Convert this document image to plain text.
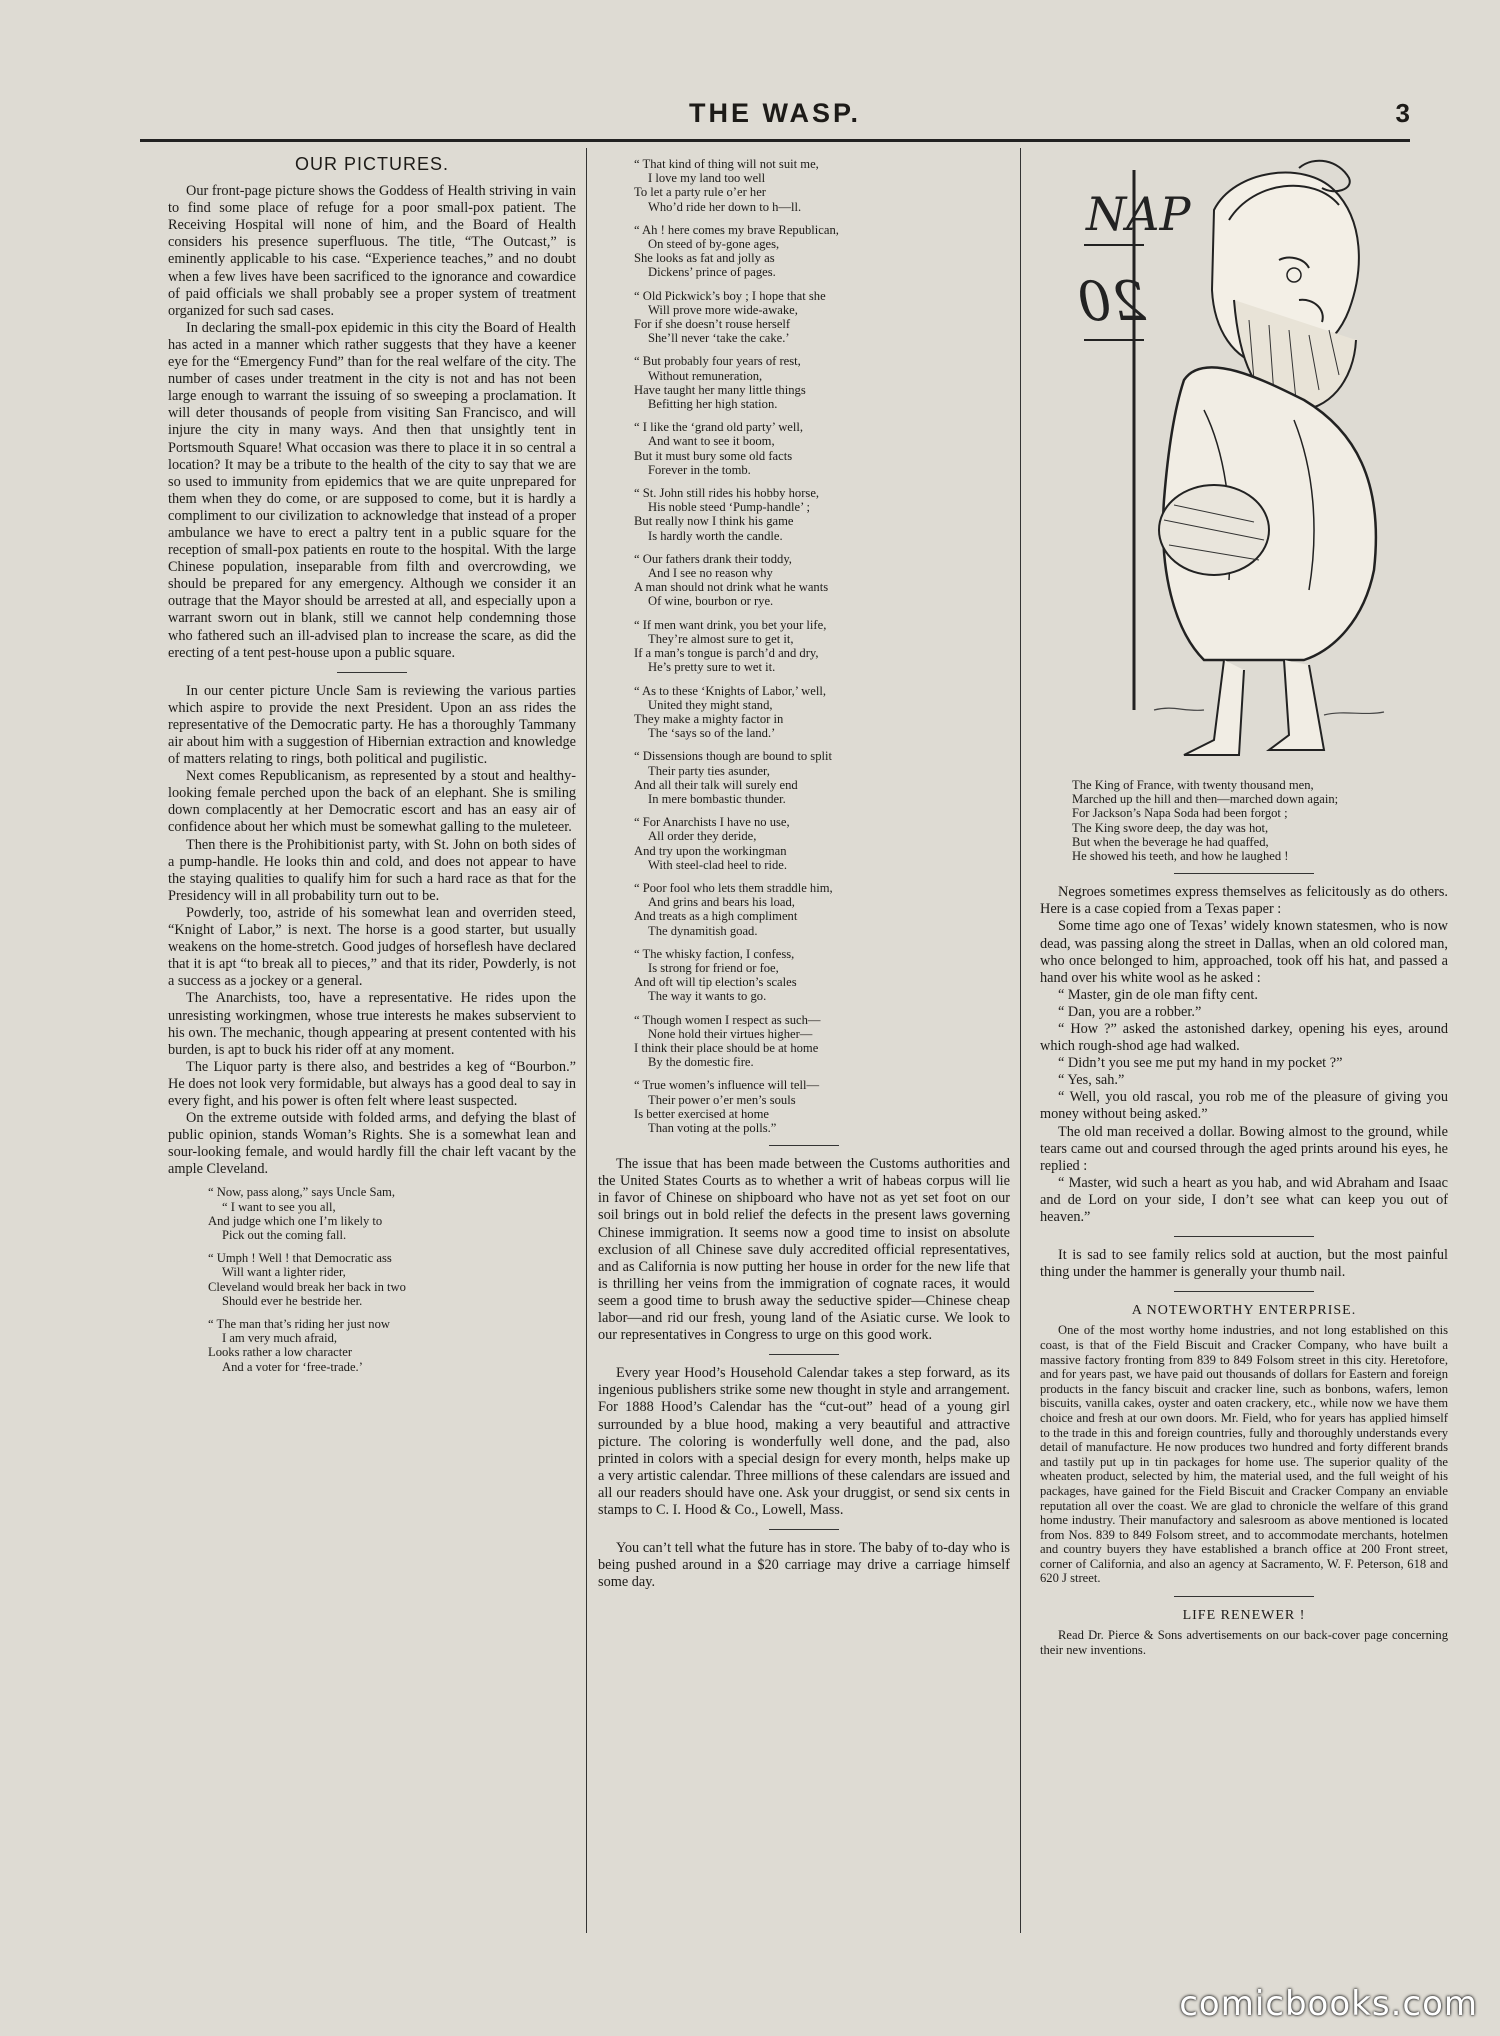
THE WASP.	3
OUR PICTURES.

Our front-page picture shows the Goddess of Health striving in vain to find some place of refuge for a poor small-pox patient. The Receiving Hospital will none of him, and the Board of Health considers his presence superfluous. The title, “The Outcast,” is eminently applicable to his case. “Experience teaches,” and no doubt when a few lives have been sacrificed to the ignorance and cowardice of paid officials we shall probably see a proper system of treatment organized for such sad cases.

In declaring the small-pox epidemic in this city the Board of Health has acted in a manner which rather suggests that they have a keener eye for the “Emergency Fund” than for the real welfare of the city. The number of cases under treatment in the city is not and has not been large enough to warrant the issuing of so sweeping a proclamation. It will deter thousands of people from visiting San Francisco, and will injure the city in many ways. And then that unsightly tent in Portsmouth Square! What occasion was there to place it in so central a location? It may be a tribute to the health of the city to say that we are so used to immunity from epidemics that we are quite unprepared for them when they do come, or are supposed to come, but it is hardly a compliment to our civilization to acknowledge that instead of a proper ambulance we have to erect a paltry tent in a public square for the reception of small-pox patients en route to the hospital. With the large Chinese population, inseparable from filth and overcrowding, we should be prepared for any emergency. Although we consider it an outrage that the Mayor should be arrested at all, and especially upon a warrant sworn out in blank, still we cannot help condemning those who fathered such an ill-advised plan to increase the scare, as did the erecting of a tent pest-house upon a public square.

In our center picture Uncle Sam is reviewing the various parties which aspire to provide the next President. Upon an ass rides the representative of the Democratic party. He has a thoroughly Tammany air about him with a suggestion of Hibernian extraction and knowledge of matters relating to rings, both political and pugilistic.

Next comes Republicanism, as represented by a stout and healthy-looking female perched upon the back of an elephant. She is smiling down complacently at her Democratic escort and has an easy air of confidence about her which must be somewhat galling to the muleteer.

Then there is the Prohibitionist party, with St. John on both sides of a pump-handle. He looks thin and cold, and does not appear to have the staying qualities to qualify him for such a hard race as that for the Presidency will in all probability turn out to be.

Powderly, too, astride of his somewhat lean and overriden steed, “Knight of Labor,” is next. The horse is a good starter, but usually weakens on the home-stretch. Good judges of horseflesh have declared that it is apt “to break all to pieces,” and that its rider, Powderly, is not a success as a jockey or a general.

The Anarchists, too, have a representative. He rides upon the unresisting workingmen, whose true interests he makes subservient to his own. The mechanic, though appearing at present contented with his burden, is apt to buck his rider off at any moment.

The Liquor party is there also, and bestrides a keg of “Bourbon.” He does not look very formidable, but always has a good deal to say in every fight, and his power is often felt where least suspected.

On the extreme outside with folded arms, and defying the blast of public opinion, stands Woman’s Rights. She is a somewhat lean and sour-looking female, and would hardly fill the chair left vacant by the ample Cleveland.

“ Now, pass along,” says Uncle Sam,
“ I want to see you all,
And judge which one I’m likely to
Pick out the coming fall.
“ Umph ! Well ! that Democratic ass
Will want a lighter rider,
Cleveland would break her back in two
Should ever he bestride her.
“ The man that’s riding her just now
I am very much afraid,
Looks rather a low character
And a voter for ‘free-trade.’
“ That kind of thing will not suit me,
I love my land too well
To let a party rule o’er her
Who’d ride her down to h—ll.
“ Ah ! here comes my brave Republican,
On steed of by-gone ages,
She looks as fat and jolly as
Dickens’ prince of pages.
“ Old Pickwick’s boy ; I hope that she
Will prove more wide-awake,
For if she doesn’t rouse herself
She’ll never ‘take the cake.’
“ But probably four years of rest,
Without remuneration,
Have taught her many little things
Befitting her high station.
“ I like the ‘grand old party’ well,
And want to see it boom,
But it must bury some old facts
Forever in the tomb.
“ St. John still rides his hobby horse,
His noble steed ‘Pump-handle’ ;
But really now I think his game
Is hardly worth the candle.
“ Our fathers drank their toddy,
And I see no reason why
A man should not drink what he wants
Of wine, bourbon or rye.
“ If men want drink, you bet your life,
They’re almost sure to get it,
If a man’s tongue is parch’d and dry,
He’s pretty sure to wet it.
“ As to these ‘Knights of Labor,’ well,
United they might stand,
They make a mighty factor in
The ‘says so of the land.’
“ Dissensions though are bound to split
Their party ties asunder,
And all their talk will surely end
In mere bombastic thunder.
“ For Anarchists I have no use,
All order they deride,
And try upon the workingman
With steel-clad heel to ride.
“ Poor fool who lets them straddle him,
And grins and bears his load,
And treats as a high compliment
The dynamitish goad.
“ The whisky faction, I confess,
Is strong for friend or foe,
And oft will tip election’s scales
The way it wants to go.
“ Though women I respect as such—
None hold their virtues higher—
I think their place should be at home
By the domestic fire.
“ True women’s influence will tell—
Their power o’er men’s souls
Is better exercised at home
Than voting at the polls.”

The issue that has been made between the Customs authorities and the United States Courts as to whether a writ of habeas corpus will lie in favor of Chinese on shipboard who have not as yet set foot on our soil brings out in bold relief the defects in the present laws governing Chinese immigration. It seems now a good time to insist on absolute exclusion of all Chinese save duly accredited official representatives, and as California is now putting her house in order for the new life that is thrilling her veins from the immigration of cognate races, it would seem a good time to brush away the seductive spider—Chinese cheap labor—and rid our fresh, young land of the Asiatic curse. We look to our representatives in Congress to urge on this good work.

Every year Hood’s Household Calendar takes a step forward, as its ingenious publishers strike some new thought in style and arrangement. For 1888 Hood’s Calendar has the “cut-out” head of a young girl surrounded by a blue hood, making a very beautiful and attractive picture. The coloring is wonderfully well done, and the pad, also printed in colors with a special design for every month, helps make up a very artistic calendar. Three millions of these calendars are issued and all our readers should have one. Ask your druggist, or send six cents in stamps to C. I. Hood & Co., Lowell, Mass.

You can’t tell what the future has in store. The baby of to-day who is being pushed around in a $20 carriage may drive a carriage himself some day.

NAP
20
The King of France, with twenty thousand men,
Marched up the hill and then—marched down again;
For Jackson’s Napa Soda had been forgot ;
The King swore deep, the day was hot,
But when the beverage he had quaffed,
He showed his teeth, and how he laughed !

Negroes sometimes express themselves as felicitously as do others. Here is a case copied from a Texas paper :

Some time ago one of Texas’ widely known statesmen, who is now dead, was passing along the street in Dallas, when an old colored man, who once belonged to him, approached, took off his hat, and passed a hand over his white wool as he asked :

“ Master, gin de ole man fifty cent.

“ Dan, you are a robber.”

“ How ?” asked the astonished darkey, opening his eyes, around which rough-shod age had walked.

“ Didn’t you see me put my hand in my pocket ?”

“ Yes, sah.”

“ Well, you old rascal, you rob me of the pleasure of giving you money without being asked.”

The old man received a dollar. Bowing almost to the ground, while tears came out and coursed through the aged prints around his eyes, he replied :

“ Master, wid such a heart as you hab, and wid Abraham and Isaac and de Lord on your side, I don’t see what can keep you out of heaven.”

It is sad to see family relics sold at auction, but the most painful thing under the hammer is generally your thumb nail.

A NOTEWORTHY ENTERPRISE.

One of the most worthy home industries, and not long established on this coast, is that of the Field Biscuit and Cracker Company, who have built a massive factory fronting from 839 to 849 Folsom street in this city. Heretofore, and for years past, we have paid out thousands of dollars for Eastern and foreign products in the fancy biscuit and cracker line, such as bonbons, wafers, lemon biscuits, vanilla cakes, oyster and oaten crackery, etc., while now we have them choice and fresh at our own doors. Mr. Field, who for years has applied himself to the trade in this and foreign countries, fully and thoroughly understands every detail of manufacture. He now produces two hundred and forty different brands and tastily put up in tin packages for home use. The superior quality of the wheaten product, selected by him, the material used, and the full weight of his packages, have gained for the Field Biscuit and Cracker Company an enviable reputation all over the coast. We are glad to chronicle the welfare of this grand home industry. Their manufactory and salesroom as above mentioned is located from Nos. 839 to 849 Folsom street, and to accommodate merchants, hotelmen and country buyers they have established a branch office at 200 Front street, corner of California, and also an agency at Sacramento, W. F. Peterson, 618 and 620 J street.

LIFE RENEWER !

Read Dr. Pierce & Sons advertisements on our back-cover page concerning their new inventions.

comicbooks.com
